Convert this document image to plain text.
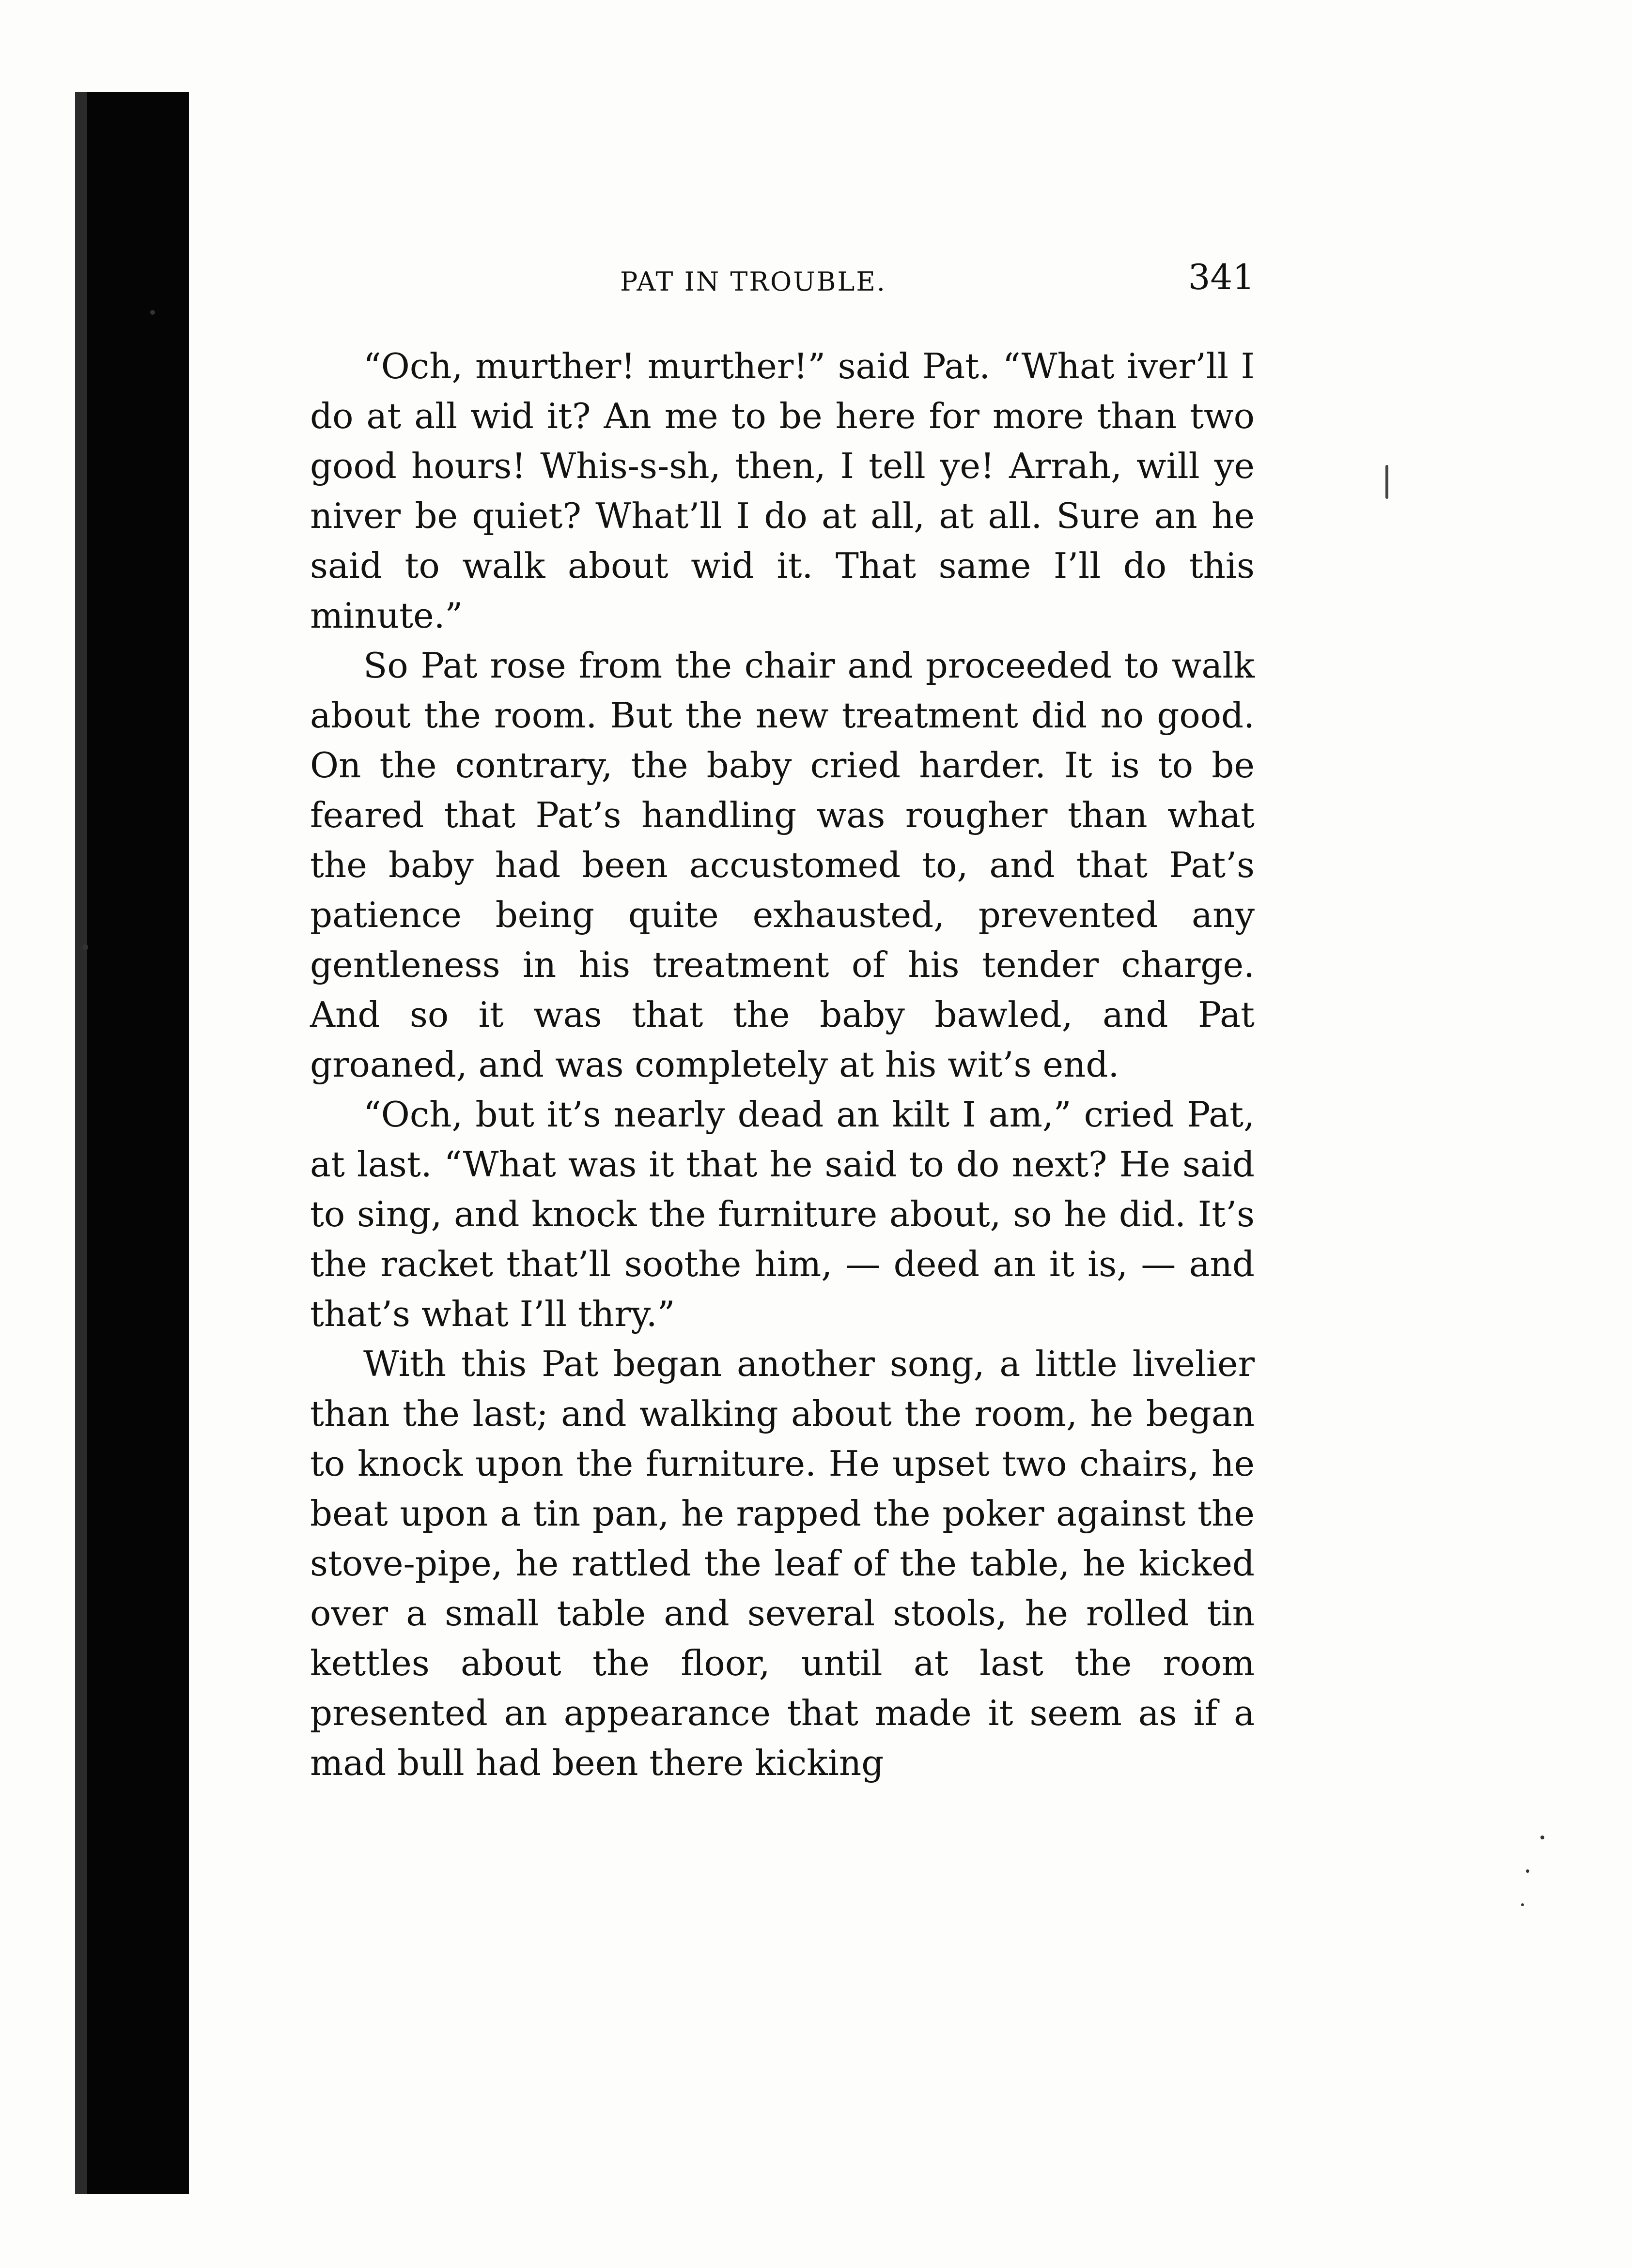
PAT IN TROUBLE.	341

“Och, murther! murther!” said Pat. “What iver’ll I do at all wid it? An me to be here for more than two good hours! Whis-s-sh, then, I tell ye! Arrah, will ye niver be quiet? What’ll I do at all, at all. Sure an he said to walk about wid it. That same I’ll do this minute.”

So Pat rose from the chair and proceeded to walk about the room. But the new treatment did no good. On the contrary, the baby cried harder. It is to be feared that Pat’s handling was rougher than what the baby had been accustomed to, and that Pat’s patience being quite exhausted, prevented any gentleness in his treatment of his tender charge. And so it was that the baby bawled, and Pat groaned, and was completely at his wit’s end.

“Och, but it’s nearly dead an kilt I am,” cried Pat, at last. “What was it that he said to do next? He said to sing, and knock the furniture about, so he did. It’s the racket that’ll soothe him, — deed an it is, — and that’s what I’ll thry.”

With this Pat began another song, a little livelier than the last; and walking about the room, he began to knock upon the furniture. He upset two chairs, he beat upon a tin pan, he rapped the poker against the stove-pipe, he rattled the leaf of the table, he kicked over a small table and several stools, he rolled tin kettles about the floor, until at last the room presented an appearance that made it seem as if a mad bull had been there kicking
